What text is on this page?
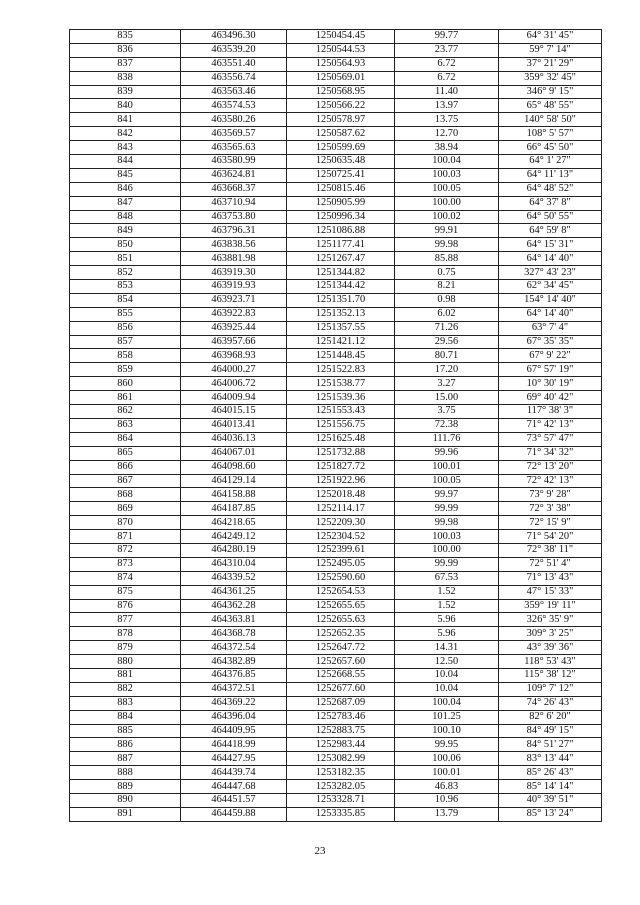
835	463496.30	1250454.45	99.77	64° 31' 45"
836	463539.20	1250544.53	23.77	59° 7' 14"
837	463551.40	1250564.93	6.72	37° 21' 29"
838	463556.74	1250569.01	6.72	359° 32' 45"
839	463563.46	1250568.95	11.40	346° 9' 15"
840	463574.53	1250566.22	13.97	65° 48' 55"
841	463580.26	1250578.97	13.75	140° 58' 50"
842	463569.57	1250587.62	12.70	108° 5' 57"
843	463565.63	1250599.69	38.94	66° 45' 50"
844	463580.99	1250635.48	100.04	64° 1' 27"
845	463624.81	1250725.41	100.03	64° 11' 13"
846	463668.37	1250815.46	100.05	64° 48' 52"
847	463710.94	1250905.99	100.00	64° 37' 8"
848	463753.80	1250996.34	100.02	64° 50' 55"
849	463796.31	1251086.88	99.91	64° 59' 8"
850	463838.56	1251177.41	99.98	64° 15' 31"
851	463881.98	1251267.47	85.88	64° 14' 40"
852	463919.30	1251344.82	0.75	327° 43' 23"
853	463919.93	1251344.42	8.21	62° 34' 45"
854	463923.71	1251351.70	0.98	154° 14' 40"
855	463922.83	1251352.13	6.02	64° 14' 40"
856	463925.44	1251357.55	71.26	63° 7' 4"
857	463957.66	1251421.12	29.56	67° 35' 35"
858	463968.93	1251448.45	80.71	67° 9' 22"
859	464000.27	1251522.83	17.20	67° 57' 19"
860	464006.72	1251538.77	3.27	10° 30' 19"
861	464009.94	1251539.36	15.00	69° 40' 42"
862	464015.15	1251553.43	3.75	117° 38' 3"
863	464013.41	1251556.75	72.38	71° 42' 13"
864	464036.13	1251625.48	111.76	73° 57' 47"
865	464067.01	1251732.88	99.96	71° 34' 32"
866	464098.60	1251827.72	100.01	72° 13' 20"
867	464129.14	1251922.96	100.05	72° 42' 13"
868	464158.88	1252018.48	99.97	73° 9' 28"
869	464187.85	1252114.17	99.99	72° 3' 38"
870	464218.65	1252209.30	99.98	72° 15' 9"
871	464249.12	1252304.52	100.03	71° 54' 20"
872	464280.19	1252399.61	100.00	72° 38' 11"
873	464310.04	1252495.05	99.99	72° 51' 4"
874	464339.52	1252590.60	67.53	71° 13' 43"
875	464361.25	1252654.53	1.52	47° 15' 33"
876	464362.28	1252655.65	1.52	359° 19' 11"
877	464363.81	1252655.63	5.96	326° 35' 9"
878	464368.78	1252652.35	5.96	309° 3' 25"
879	464372.54	1252647.72	14.31	43° 39' 36"
880	464382.89	1252657.60	12.50	118° 53' 43"
881	464376.85	1252668.55	10.04	115° 38' 12"
882	464372.51	1252677.60	10.04	109° 7' 12"
883	464369.22	1252687.09	100.04	74° 26' 43"
884	464396.04	1252783.46	101.25	82° 6' 20"
885	464409.95	1252883.75	100.10	84° 49' 15"
886	464418.99	1252983.44	99.95	84° 51' 27"
887	464427.95	1253082.99	100.06	83° 13' 44"
888	464439.74	1253182.35	100.01	85° 26' 43"
889	464447.68	1253282.05	46.83	85° 14' 14"
890	464451.57	1253328.71	10.96	40° 39' 51"
891	464459.88	1253335.85	13.79	85° 13' 24"
23
